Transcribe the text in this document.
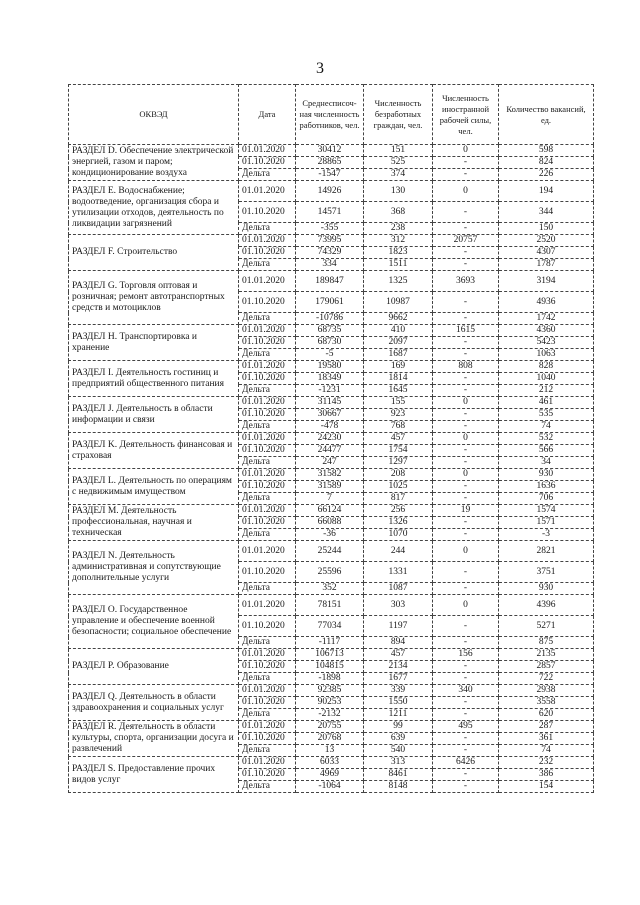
3
ОКВЭД	Дата	Среднесписоч-ная численность работников, чел.	Численность безработных граждан, чел.	Численность иностранной рабочей силы, чел.	Количество вакансий, ед.
РАЗДЕЛ D. Обеспечение электрической энергией, газом и паром; кондиционирование воздуха	01.01.2020	30412	151	0	598
	01.10.2020	28865	525	-	824
	Дельта	-1547	374	-	226
РАЗДЕЛ E. Водоснабжение; водоотведение, организация сбора и утилизации отходов, деятельность по ликвидации загрязнений	01.01.2020	14926	130	0	194
	01.10.2020	14571	368	-	344
	Дельта	-355	238	-	150
РАЗДЕЛ F. Строительство	01.01.2020	73995	312	20757	2520
	01.10.2020	74329	1823	-	4307
	Дельта	334	1511	-	1787
РАЗДЕЛ G. Торговля оптовая и розничная; ремонт автотранспортных средств и мотоциклов	01.01.2020	189847	1325	3693	3194
	01.10.2020	179061	10987	-	4936
	Дельта	-10786	9662	-	1742
РАЗДЕЛ H. Транспортировка и хранение	01.01.2020	68735	410	1615	4360
	01.10.2020	68730	2097	-	5423
	Дельта	-5	1687	-	1063
РАЗДЕЛ I. Деятельность гостиниц и предприятий общественного питания	01.01.2020	19580	169	808	828
	01.10.2020	18349	1814	-	1040
	Дельта	-1231	1645	-	212
РАЗДЕЛ J. Деятельность в области информации и связи	01.01.2020	31145	155	0	461
	01.10.2020	30667	923	-	535
	Дельта	-478	768	-	74
РАЗДЕЛ K. Деятельность финансовая и страховая	01.01.2020	24230	457	0	532
	01.10.2020	24477	1754	-	566
	Дельта	247	1297	-	34
РАЗДЕЛ L. Деятельность по операциям с недвижимым имуществом	01.01.2020	31582	208	0	930
	01.10.2020	31589	1025	-	1636
	Дельта	7	817	-	706
РАЗДЕЛ M. Деятельность профессиональная, научная и техническая	01.01.2020	66124	256	19	1574
	01.10.2020	66088	1326	-	1571
	Дельта	-36	1070	-	-3
РАЗДЕЛ N. Деятельность административная и сопутствующие дополнительные услуги	01.01.2020	25244	244	0	2821
	01.10.2020	25596	1331	-	3751
	Дельта	352	1087	-	930
РАЗДЕЛ O. Государственное управление и обеспечение военной безопасности; социальное обеспечение	01.01.2020	78151	303	0	4396
	01.10.2020	77034	1197	-	5271
	Дельта	-1117	894	-	875
РАЗДЕЛ P. Образование	01.01.2020	106713	457	156	2135
	01.10.2020	104815	2134	-	2857
	Дельта	-1898	1677	-	722
РАЗДЕЛ Q. Деятельность в области здравоохранения и социальных услуг	01.01.2020	92385	339	340	2938
	01.10.2020	90253	1550	-	3558
	Дельта	-2132	1211	-	620
РАЗДЕЛ R. Деятельность в области культуры, спорта, организации досуга и развлечений	01.01.2020	20755	99	495	287
	01.10.2020	20768	639	-	361
	Дельта	13	540	-	74
РАЗДЕЛ S. Предоставление прочих видов услуг	01.01.2020	6033	313	6426	232
	01.10.2020	4969	8461	-	386
	Дельта	-1064	8148	-	154
